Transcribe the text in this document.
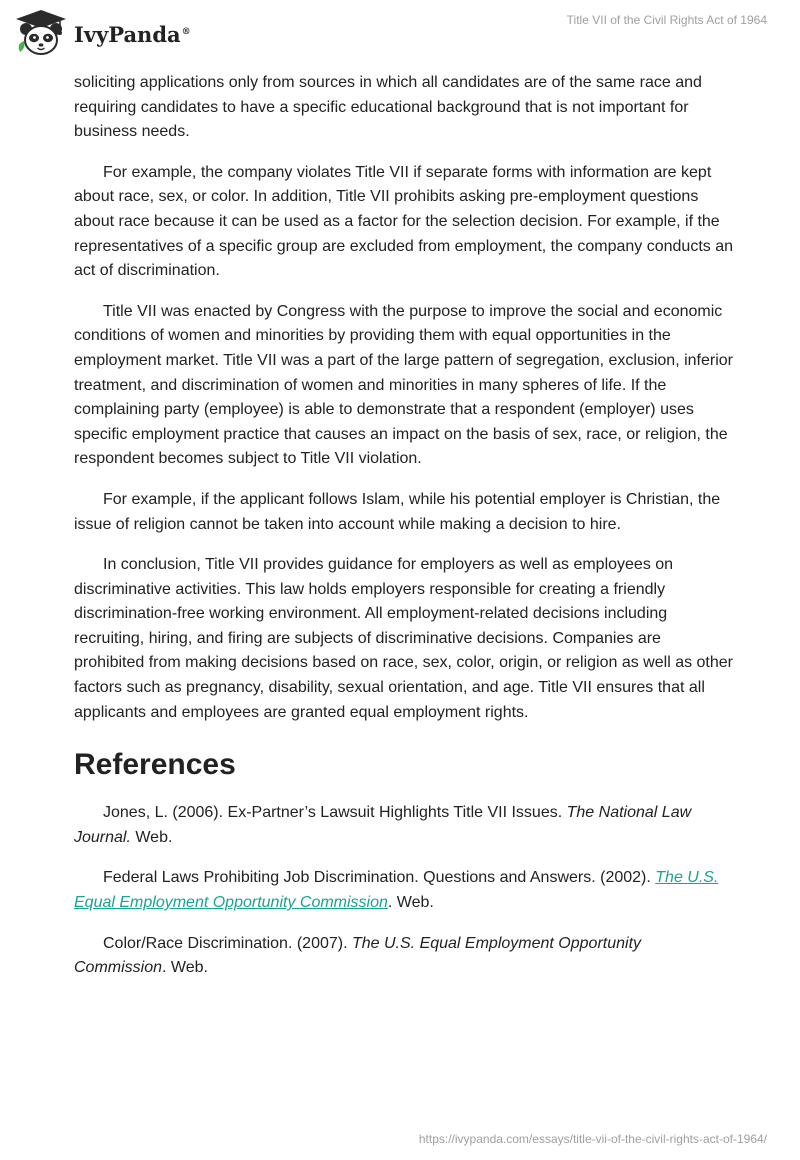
IvyPanda®
Title VII of the Civil Rights Act of 1964

soliciting applications only from sources in which all candidates are of the same race and requiring candidates to have a specific educational background that is not important for business needs.

For example, the company violates Title VII if separate forms with information are kept about race, sex, or color. In addition, Title VII prohibits asking pre-employment questions about race because it can be used as a factor for the selection decision. For example, if the representatives of a specific group are excluded from employment, the company conducts an act of discrimination.

Title VII was enacted by Congress with the purpose to improve the social and economic conditions of women and minorities by providing them with equal opportunities in the employment market. Title VII was a part of the large pattern of segregation, exclusion, inferior treatment, and discrimination of women and minorities in many spheres of life. If the complaining party (employee) is able to demonstrate that a respondent (employer) uses specific employment practice that causes an impact on the basis of sex, race, or religion, the respondent becomes subject to Title VII violation.

For example, if the applicant follows Islam, while his potential employer is Christian, the issue of religion cannot be taken into account while making a decision to hire.

In conclusion, Title VII provides guidance for employers as well as employees on discriminative activities. This law holds employers responsible for creating a friendly discrimination-free working environment. All employment-related decisions including recruiting, hiring, and firing are subjects of discriminative decisions. Companies are prohibited from making decisions based on race, sex, color, origin, or religion as well as other factors such as pregnancy, disability, sexual orientation, and age. Title VII ensures that all applicants and employees are granted equal employment rights.

References

Jones, L. (2006). Ex-Partner’s Lawsuit Highlights Title VII Issues. The National Law Journal. Web.

Federal Laws Prohibiting Job Discrimination. Questions and Answers. (2002). The U.S. Equal Employment Opportunity Commission. Web.

Color/Race Discrimination. (2007). The U.S. Equal Employment Opportunity Commission. Web.

https://ivypanda.com/essays/title-vii-of-the-civil-rights-act-of-1964/
